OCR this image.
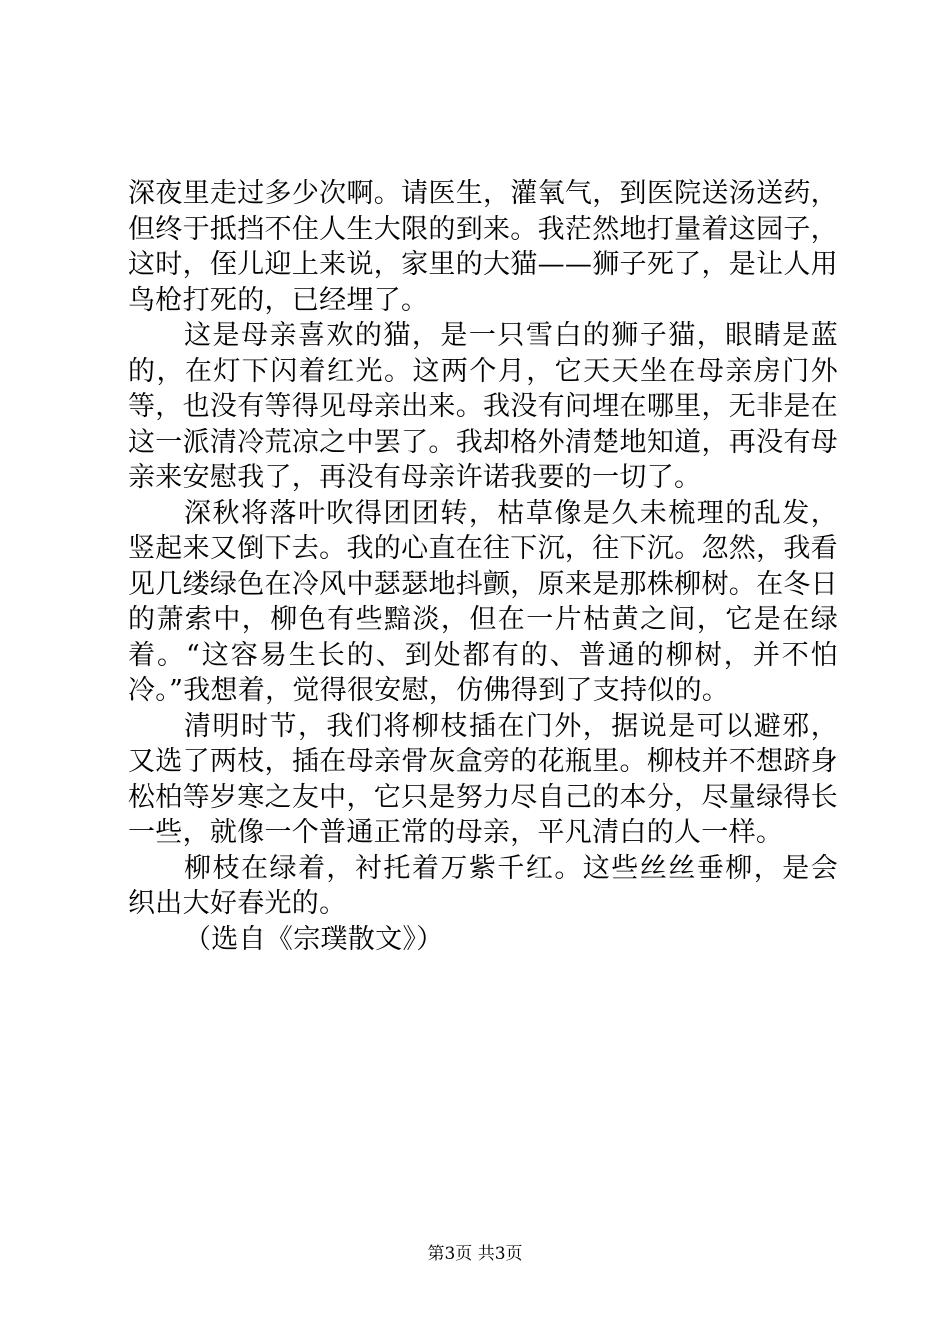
深夜里走过多少次啊。请医生，灌氧气，到医院送汤送药，但终于抵挡不住人生大限的到来。我茫然地打量着这园子，这时，侄儿迎上来说，家里的大猫——狮子死了，是让人用鸟枪打死的，已经埋了。

这是母亲喜欢的猫，是一只雪白的狮子猫，眼睛是蓝的，在灯下闪着红光。这两个月，它天天坐在母亲房门外等，也没有等得见母亲出来。我没有问埋在哪里，无非是在这一派清冷荒凉之中罢了。我却格外清楚地知道，再没有母亲来安慰我了，再没有母亲许诺我要的一切了。

深秋将落叶吹得团团转，枯草像是久未梳理的乱发，竖起来又倒下去。我的心直在往下沉，往下沉。忽然，我看见几缕绿色在冷风中瑟瑟地抖颤，原来是那株柳树。在冬日的萧索中，柳色有些黯淡，但在一片枯黄之间，它是在绿着。“这容易生长的、到处都有的、普通的柳树，并不怕冷。”我想着，觉得很安慰，仿佛得到了支持似的。

清明时节，我们将柳枝插在门外，据说是可以避邪，又选了两枝，插在母亲骨灰盒旁的花瓶里。柳枝并不想跻身松柏等岁寒之友中，它只是努力尽自己的本分，尽量绿得长一些，就像一个普通正常的母亲，平凡清白的人一样。

柳枝在绿着，衬托着万紫千红。这些丝丝垂柳，是会织出大好春光的。

（选自《宗璞散文》）

第3页 共3页
